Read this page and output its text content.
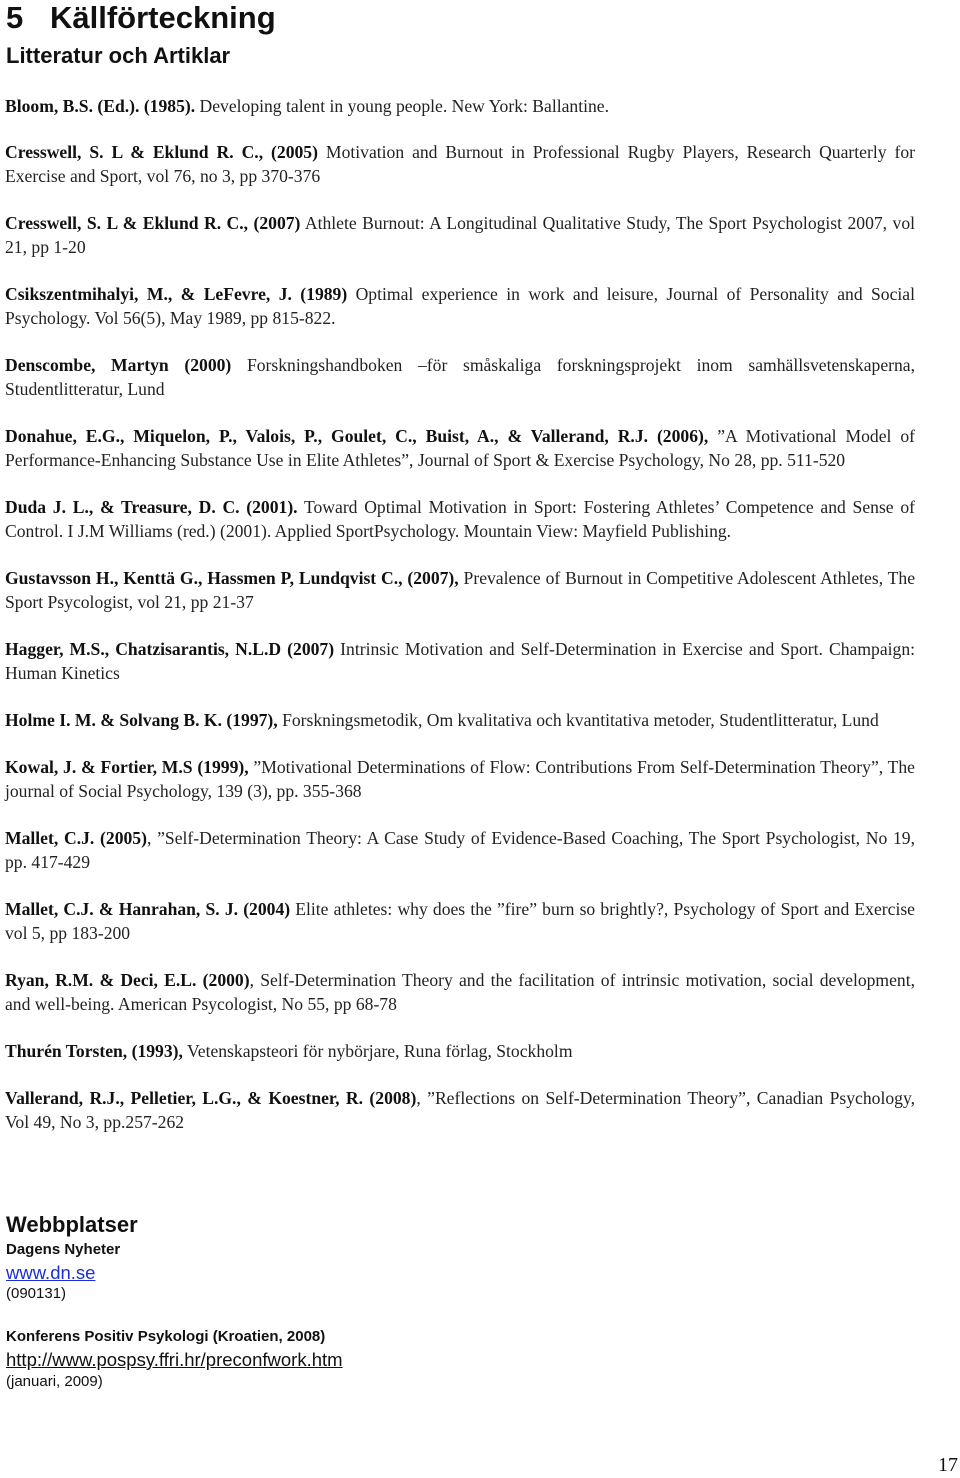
5 Källförteckning
Litteratur och Artiklar
Bloom, B.S. (Ed.). (1985). Developing talent in young people. New York: Ballantine.
Cresswell, S. L & Eklund R. C., (2005) Motivation and Burnout in Professional Rugby Players, Research Quarterly for Exercise and Sport, vol 76, no 3, pp 370-376
Cresswell, S. L & Eklund R. C., (2007) Athlete Burnout: A Longitudinal Qualitative Study, The Sport Psychologist 2007, vol 21, pp 1-20
Csikszentmihalyi, M., & LeFevre, J. (1989) Optimal experience in work and leisure, Journal of Personality and Social Psychology. Vol 56(5), May 1989, pp 815-822.
Denscombe, Martyn (2000) Forskningshandboken –för småskaliga forskningsprojekt inom samhällsvetenskaperna, Studentlitteratur, Lund
Donahue, E.G., Miquelon, P., Valois, P., Goulet, C., Buist, A., & Vallerand, R.J. (2006), ”A Motivational Model of Performance-Enhancing Substance Use in Elite Athletes”, Journal of Sport & Exercise Psychology, No 28, pp. 511-520
Duda J. L., & Treasure, D. C. (2001). Toward Optimal Motivation in Sport: Fostering Athletes’ Competence and Sense of Control. I J.M Williams (red.) (2001). Applied SportPsychology. Mountain View: Mayfield Publishing.
Gustavsson H., Kenttä G., Hassmen P, Lundqvist C., (2007), Prevalence of Burnout in Competitive Adolescent Athletes, The Sport Psycologist, vol 21, pp 21-37
Hagger, M.S., Chatzisarantis, N.L.D (2007) Intrinsic Motivation and Self-Determination in Exercise and Sport. Champaign: Human Kinetics
Holme I. M. & Solvang B. K. (1997), Forskningsmetodik, Om kvalitativa och kvantitativa metoder, Studentlitteratur, Lund
Kowal, J. & Fortier, M.S (1999), ”Motivational Determinations of Flow: Contributions From Self-Determination Theory”, The journal of Social Psychology, 139 (3), pp. 355-368
Mallet, C.J. (2005), ”Self-Determination Theory: A Case Study of Evidence-Based Coaching, The Sport Psychologist, No 19, pp. 417-429
Mallet, C.J. & Hanrahan, S. J. (2004) Elite athletes: why does the ”fire” burn so brightly?, Psychology of Sport and Exercise vol 5, pp 183-200
Ryan, R.M. & Deci, E.L. (2000), Self-Determination Theory and the facilitation of intrinsic motivation, social development, and well-being. American Psycologist, No 55, pp 68-78
Thurén Torsten, (1993), Vetenskapsteori för nybörjare, Runa förlag, Stockholm
Vallerand, R.J., Pelletier, L.G., & Koestner, R. (2008), ”Reflections on Self-Determination Theory”, Canadian Psychology, Vol 49, No 3, pp.257-262
Webbplatser
Dagens Nyheter
www.dn.se
(090131)
Konferens Positiv Psykologi (Kroatien, 2008)
http://www.pospsy.ffri.hr/preconfwork.htm
(januari, 2009)
17
